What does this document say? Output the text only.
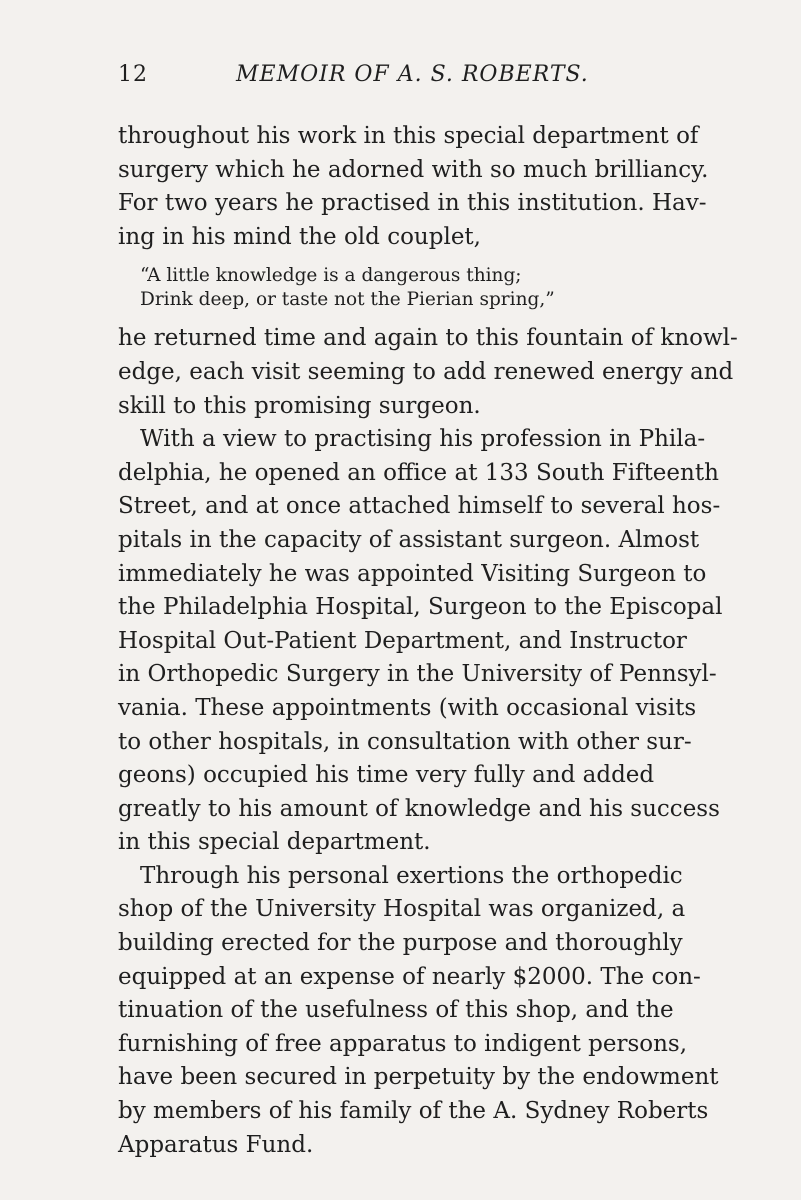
12	MEMOIR OF A. S. ROBERTS.
throughout his work in this special department of
surgery which he adorned with so much brilliancy.
For two years he practised in this institution. Hav-
ing in his mind the old couplet,
“A little knowledge is a dangerous thing;
Drink deep, or taste not the Pierian spring,”
he returned time and again to this fountain of knowl-
edge, each visit seeming to add renewed energy and
skill to this promising surgeon.
With a view to practising his profession in Phila-
delphia, he opened an office at 133 South Fifteenth
Street, and at once attached himself to several hos-
pitals in the capacity of assistant surgeon. Almost
immediately he was appointed Visiting Surgeon to
the Philadelphia Hospital, Surgeon to the Episcopal
Hospital Out-Patient Department, and Instructor
in Orthopedic Surgery in the University of Pennsyl-
vania. These appointments (with occasional visits
to other hospitals, in consultation with other sur-
geons) occupied his time very fully and added
greatly to his amount of knowledge and his success
in this special department.
Through his personal exertions the orthopedic
shop of the University Hospital was organized, a
building erected for the purpose and thoroughly
equipped at an expense of nearly $2000. The con-
tinuation of the usefulness of this shop, and the
furnishing of free apparatus to indigent persons,
have been secured in perpetuity by the endowment
by members of his family of the A. Sydney Roberts
Apparatus Fund.
